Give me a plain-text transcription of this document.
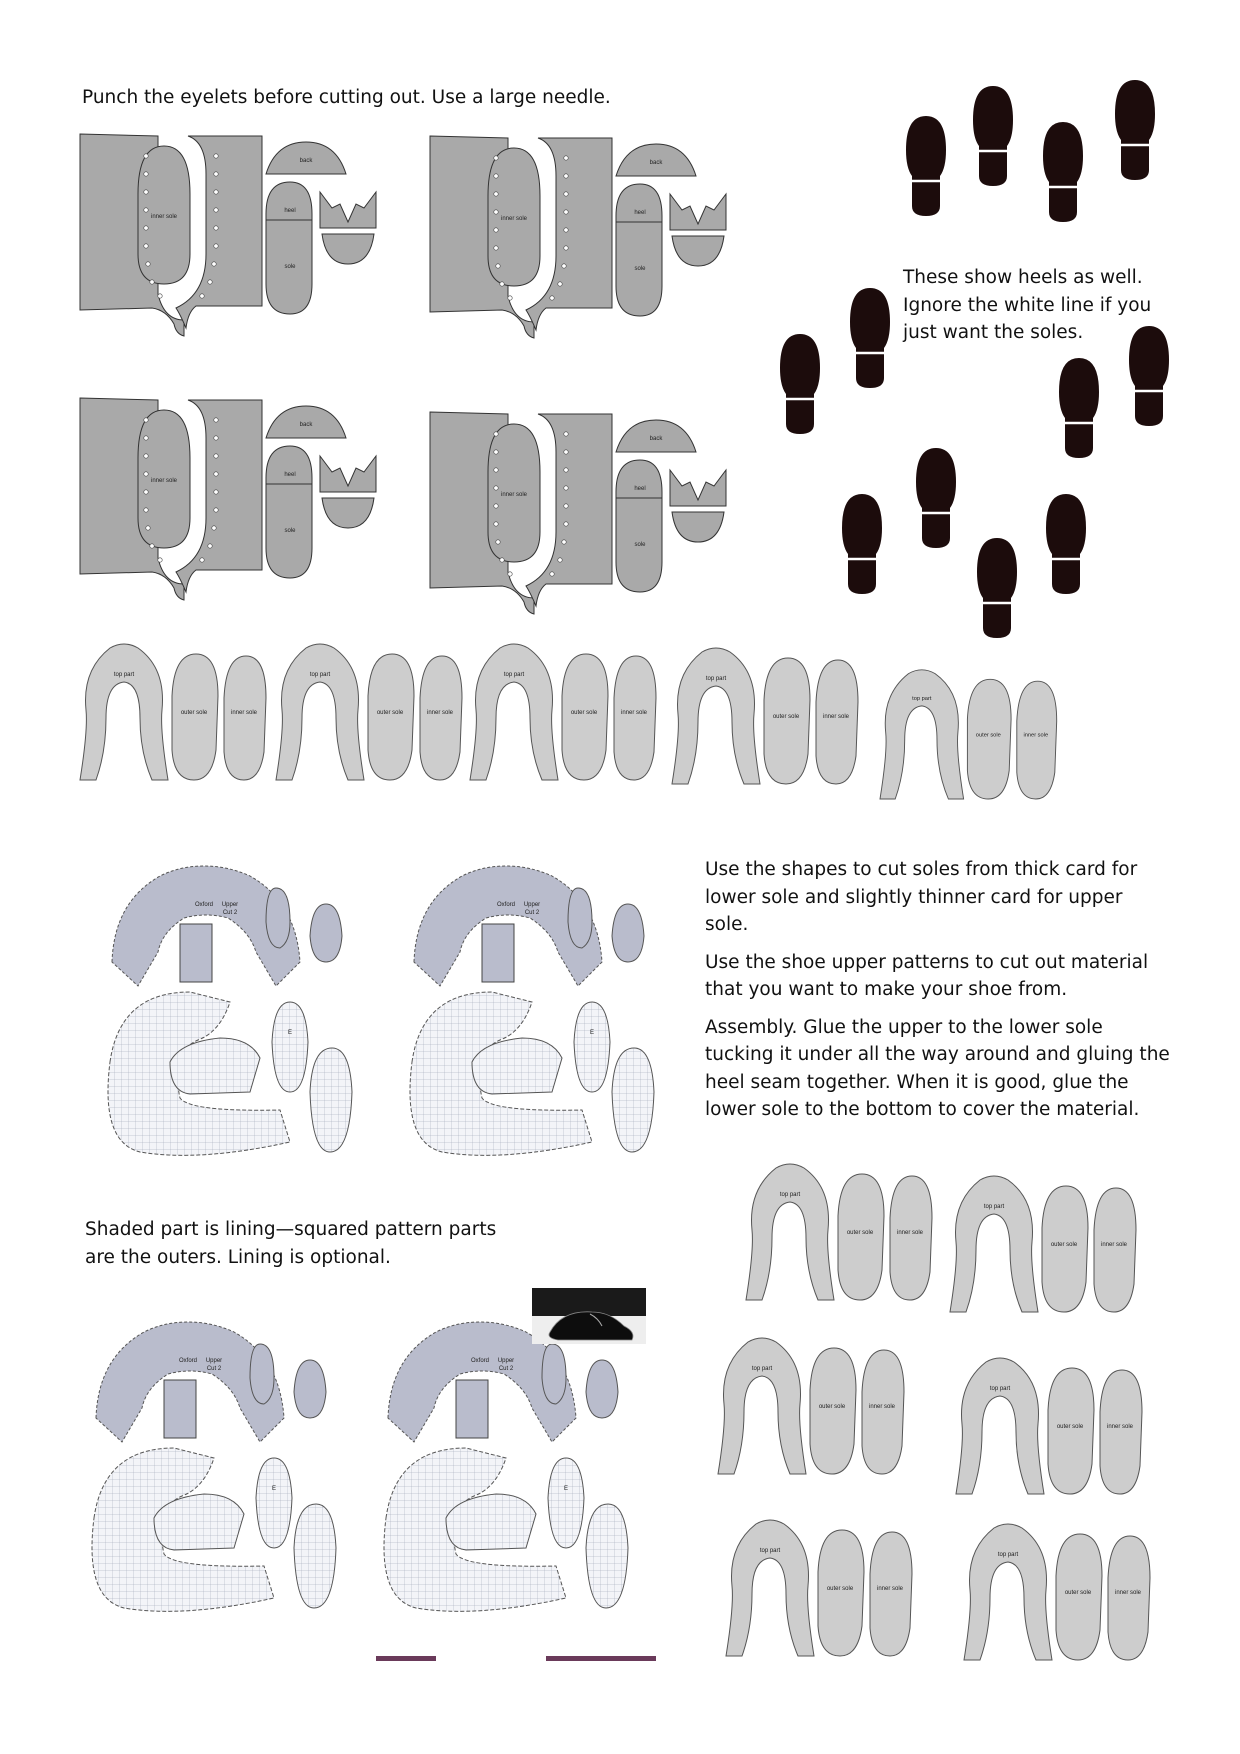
Punch the eyelets before cutting out. Use a large needle.
These show heels as well.
Ignore the white line if you
just want the soles.

Use the shapes to cut soles from thick card for lower sole and slightly thinner card for upper sole.

Use the shoe upper patterns to cut out material that you want to make your shoe from.

Assembly. Glue the upper to the lower sole tucking it under all the way around and gluing the heel seam together. When it is good, glue the lower sole to the bottom to cover the material.

Shaded part is lining—squared pattern parts are the outers. Lining is optional.
back
heel
sole
inner sole
back
heel
sole
inner sole
back
heel
sole
inner sole
back
heel
sole
inner sole
top part
outer sole	inner sole
top part
outer sole	inner sole
top part
outer sole	inner sole
top part
outer sole	inner sole
top part
outer sole	inner sole
Oxford Upper
Cut 2
E
Oxford Upper
Cut 2
E
Oxford Upper
Cut 2
E
Oxford Upper
Cut 2
E
top part
outer sole	inner sole
top part
outer sole	inner sole
top part
outer sole	inner sole
top part
outer sole	inner sole
top part
outer sole	inner sole
top part
outer sole	inner sole
